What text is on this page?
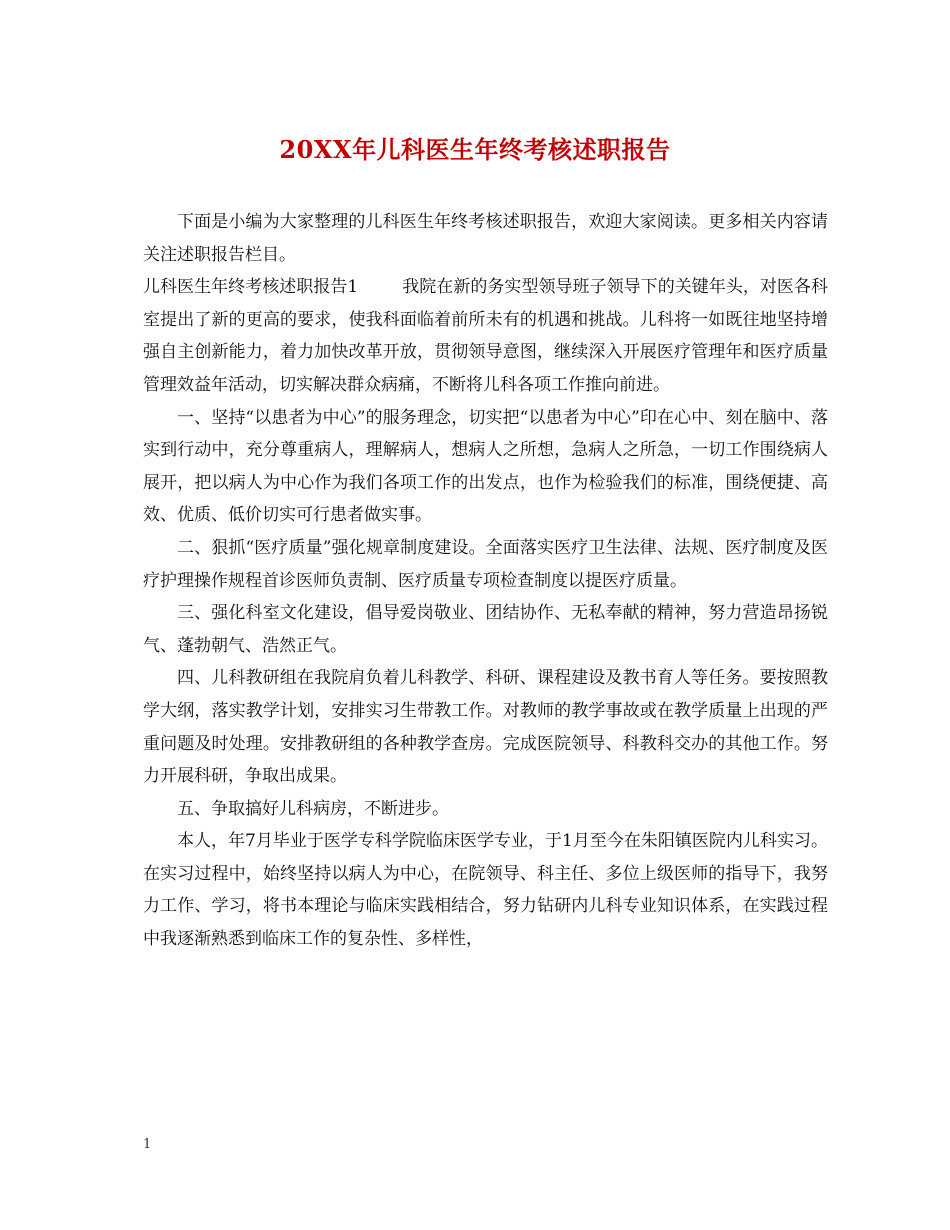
20XX年儿科医生年终考核述职报告

下面是小编为大家整理的儿科医生年终考核述职报告，欢迎大家阅读。更多相关内容请关注述职报告栏目。

儿科医生年终考核述职报告1	我院在新的务实型领导班子领导下的关键年头，对医各科室提出了新的更高的要求，使我科面临着前所未有的机遇和挑战。儿科将一如既往地坚持增强自主创新能力，着力加快改革开放，贯彻领导意图，继续深入开展医疗管理年和医疗质量管理效益年活动，切实解决群众病痛，不断将儿科各项工作推向前进。

一、坚持“以患者为中心”的服务理念，切实把“以患者为中心”印在心中、刻在脑中、落实到行动中，充分尊重病人，理解病人，想病人之所想，急病人之所急，一切工作围绕病人展开，把以病人为中心作为我们各项工作的出发点，也作为检验我们的标准，围绕便捷、高效、优质、低价切实可行患者做实事。

二、狠抓“医疗质量”强化规章制度建设。全面落实医疗卫生法律、法规、医疗制度及医疗护理操作规程首诊医师负责制、医疗质量专项检查制度以提医疗质量。

三、强化科室文化建设，倡导爱岗敬业、团结协作、无私奉献的精神，努力营造昂扬锐气、蓬勃朝气、浩然正气。

四、儿科教研组在我院肩负着儿科教学、科研、课程建设及教书育人等任务。要按照教学大纲，落实教学计划，安排实习生带教工作。对教师的教学事故或在教学质量上出现的严重问题及时处理。安排教研组的各种教学查房。完成医院领导、科教科交办的其他工作。努力开展科研，争取出成果。

五、争取搞好儿科病房，不断进步。

本人，年7月毕业于医学专科学院临床医学专业，于1月至今在朱阳镇医院内儿科实习。在实习过程中，始终坚持以病人为中心，在院领导、科主任、多位上级医师的指导下，我努力工作、学习，将书本理论与临床实践相结合，努力钻研内儿科专业知识体系，在实践过程中我逐渐熟悉到临床工作的复杂性、多样性，

1
